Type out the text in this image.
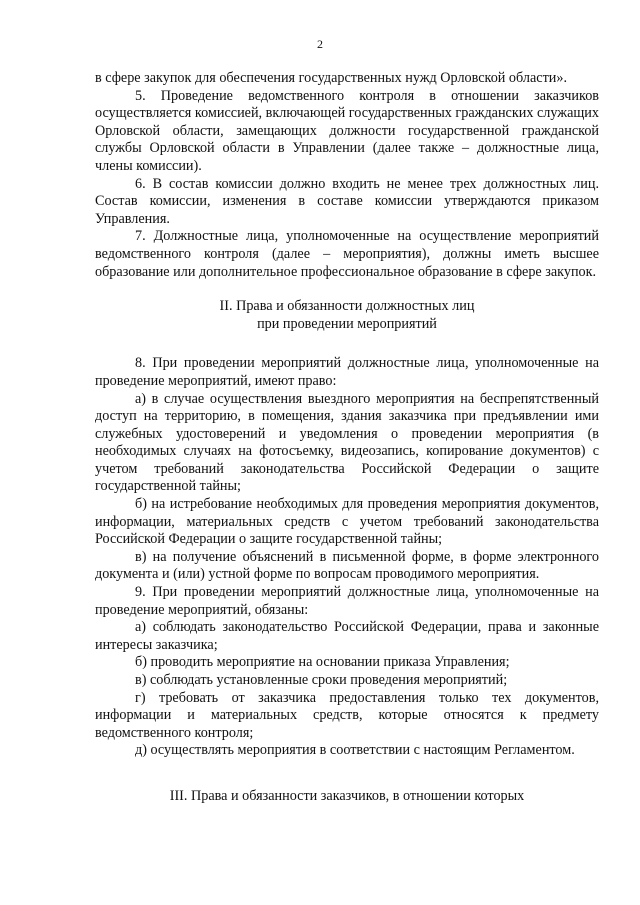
2

в сфере закупок для обеспечения государственных нужд Орловской области».

5. Проведение ведомственного контроля в отношении заказчиков осуществляется комиссией, включающей государственных гражданских служащих Орловской области, замещающих должности государственной гражданской службы Орловской области в Управлении (далее также – должностные лица, члены комиссии).

6. В состав комиссии должно входить не менее трех должностных лиц. Состав комиссии, изменения в составе комиссии утверждаются приказом Управления.

7. Должностные лица, уполномоченные на осуществление мероприятий ведомственного контроля (далее – мероприятия), должны иметь высшее образование или дополнительное профессиональное образование в сфере закупок.

II. Права и обязанности должностных лиц

при проведении мероприятий

8. При проведении мероприятий должностные лица, уполномоченные на проведение мероприятий, имеют право:

а) в случае осуществления выездного мероприятия на беспрепятственный доступ на территорию, в помещения, здания заказчика при предъявлении ими служебных удостоверений и уведомления о проведении мероприятия (в необходимых случаях на фотосъемку, видеозапись, копирование документов) с учетом требований законодательства Российской Федерации о защите государственной тайны;

б) на истребование необходимых для проведения мероприятия документов, информации, материальных средств с учетом требований законодательства Российской Федерации о защите государственной тайны;

в) на получение объяснений в письменной форме, в форме электронного документа и (или) устной форме по вопросам проводимого мероприятия.

9. При проведении мероприятий должностные лица, уполномоченные на проведение мероприятий, обязаны:

а) соблюдать законодательство Российской Федерации, права и законные интересы заказчика;

б) проводить мероприятие на основании приказа Управления;

в) соблюдать установленные сроки проведения мероприятий;

г) требовать от заказчика предоставления только тех документов, информации и материальных средств, которые относятся к предмету ведомственного контроля;

д) осуществлять мероприятия в соответствии с настоящим Регламентом.

III. Права и обязанности заказчиков, в отношении которых
